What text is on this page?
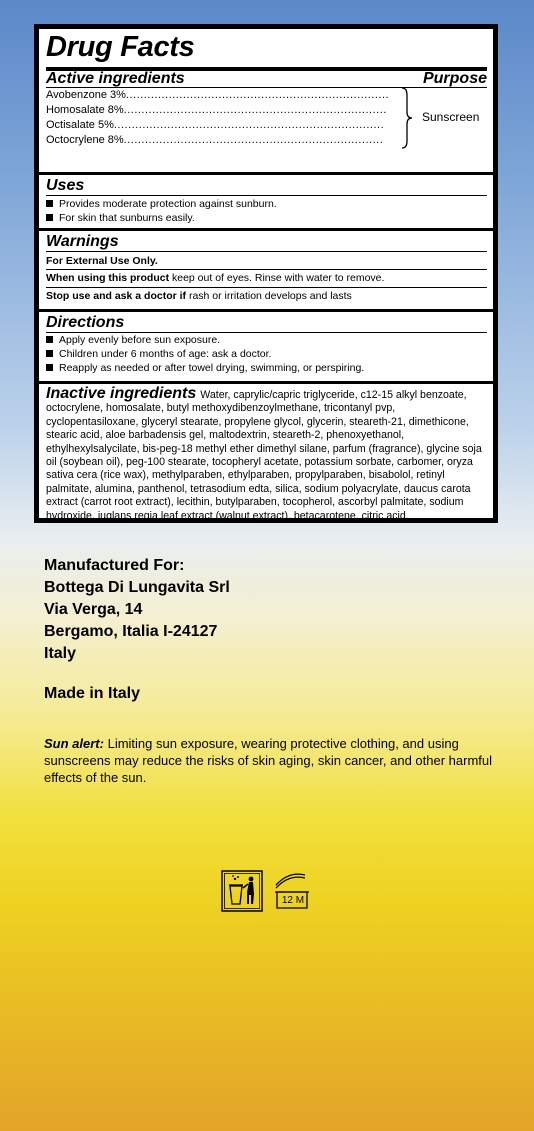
Drug Facts
Active ingredients	Purpose
Avobenzone 3%..........................................................................
Homosalate 8%..........................................................................
Octisalate 5%............................................................................
Octocrylene 8%.........................................................................
Sunscreen
Uses
Provides moderate protection against sunburn.
For skin that sunburns easily.
Warnings
For External Use Only.
When using this product keep out of eyes. Rinse with water to remove.
Stop use and ask a doctor if rash or irritation develops and lasts
Directions
Apply evenly before sun exposure.
Children under 6 months of age: ask a doctor.
Reapply as needed or after towel drying, swimming, or perspiring.
Inactive ingredients Water, caprylic/capric triglyceride, c12-15 alkyl benzoate, octocrylene, homosalate, butyl methoxydibenzoylmethane, tricontanyl pvp, cyclopentasiloxane, glyceryl stearate, propylene glycol, glycerin, steareth-21, dimethicone, stearic acid, aloe barbadensis gel, maltodextrin, steareth-2, phenoxyethanol, ethylhexylsalycilate, bis-peg-18 methyl ether dimethyl silane, parfum (fragrance), glycine soja oil (soybean oil), peg-100 stearate, tocopheryl acetate, potassium sorbate, carbomer, oryza sativa cera (rice wax), methylparaben, ethylparaben, propylparaben, bisabolol, retinyl palmitate, alumina, panthenol, tetrasodium edta, silica, sodium polyacrylate, daucus carota extract (carrot root extract), lecithin, butylparaben, tocopherol, ascorbyl palmitate, sodium hydroxide, juglans regia leaf extract (walnut extract), betacarotene, citric acid.
Manufactured For:
Bottega Di Lungavita Srl
Via Verga, 14
Bergamo, Italia I-24127
Italy
Made in Italy
Sun alert: Limiting sun exposure, wearing protective clothing, and using sunscreens may reduce the risks of skin aging, skin cancer, and other harmful effects of the sun.
12 M
